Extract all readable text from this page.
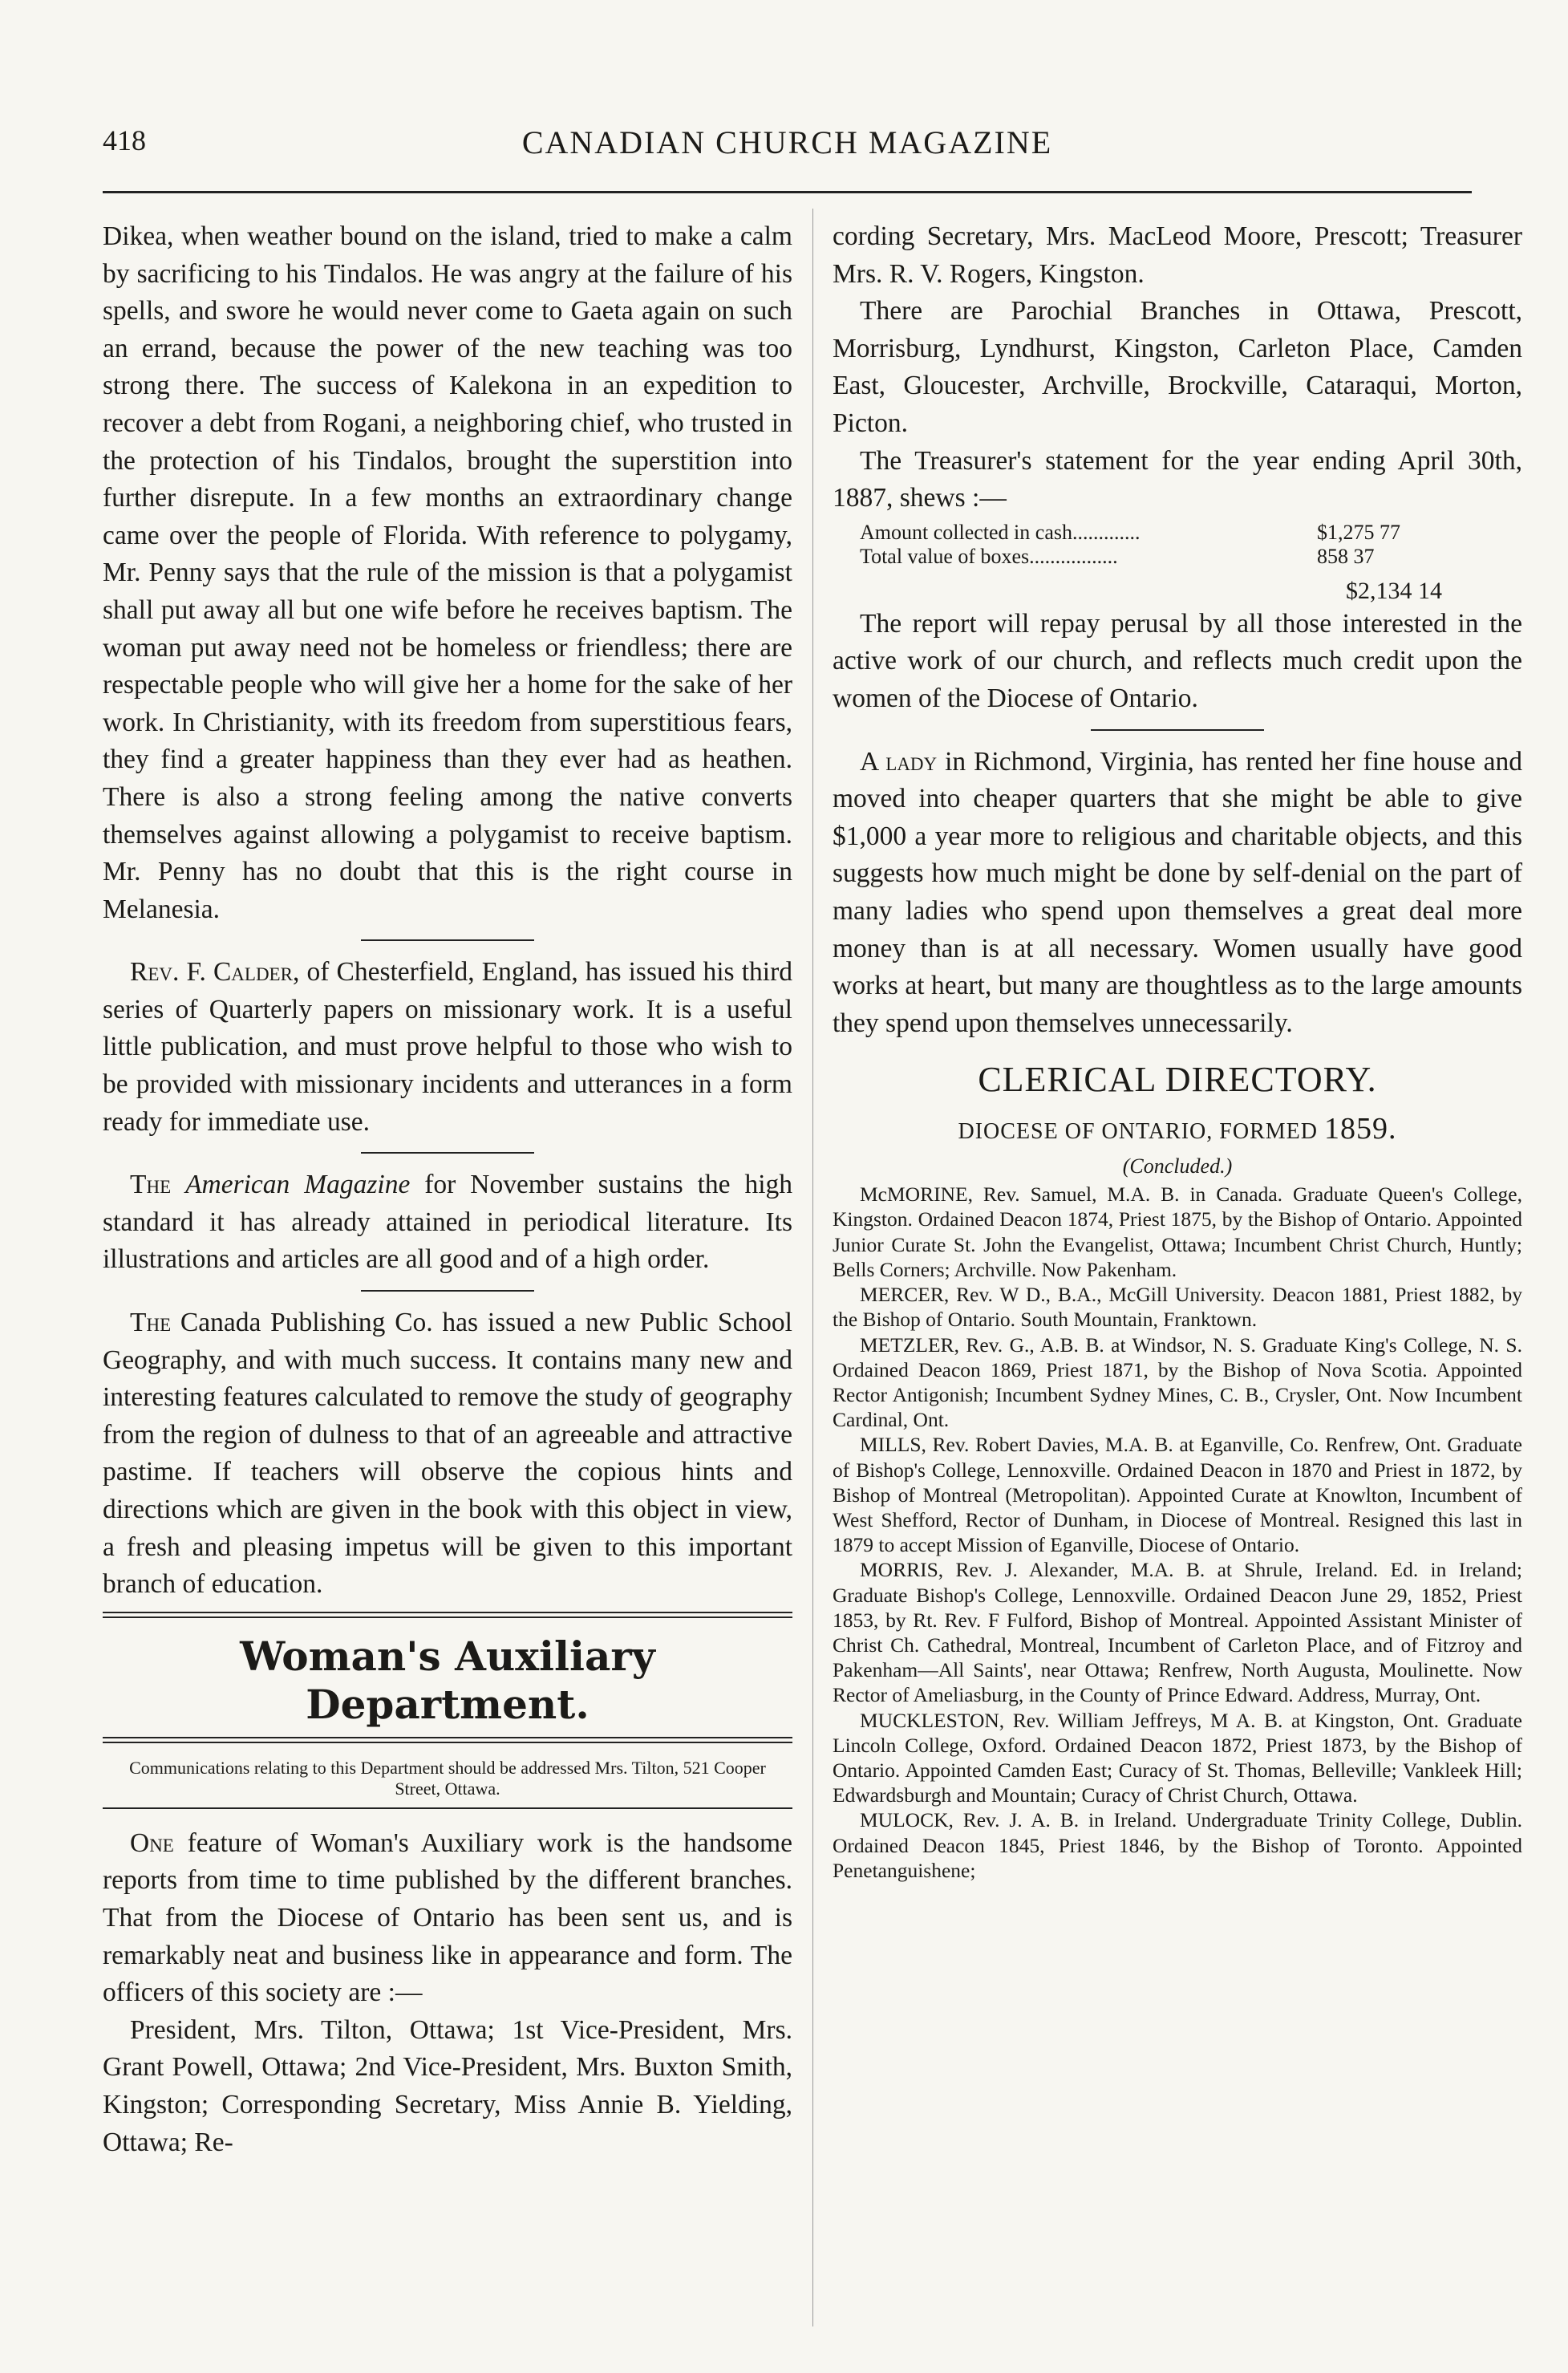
418	CANADIAN CHURCH MAGAZINE

Dikea, when weather bound on the island, tried to make a calm by sacrificing to his Tindalos. He was angry at the failure of his spells, and swore he would never come to Gaeta again on such an errand, because the power of the new teaching was too strong there. The success of Kalekona in an expedition to recover a debt from Rogani, a neighboring chief, who trusted in the protection of his Tindalos, brought the superstition into further disrepute. In a few months an extraordinary change came over the people of Florida. With reference to polygamy, Mr. Penny says that the rule of the mission is that a polygamist shall put away all but one wife before he receives baptism. The woman put away need not be homeless or friendless; there are respectable people who will give her a home for the sake of her work. In Christianity, with its freedom from superstitious fears, they find a greater happiness than they ever had as heathen. There is also a strong feeling among the native converts themselves against allowing a polygamist to receive baptism. Mr. Penny has no doubt that this is the right course in Melanesia.

Rev. F. Calder, of Chesterfield, England, has issued his third series of Quarterly papers on missionary work. It is a useful little publication, and must prove helpful to those who wish to be provided with missionary incidents and utterances in a form ready for immediate use.

The American Magazine for November sustains the high standard it has already attained in periodical literature. Its illustrations and articles are all good and of a high order.

The Canada Publishing Co. has issued a new Public School Geography, and with much success. It contains many new and interesting features calculated to remove the study of geography from the region of dulness to that of an agreeable and attractive pastime. If teachers will observe the copious hints and directions which are given in the book with this object in view, a fresh and pleasing impetus will be given to this important branch of education.

Woman's Auxiliary Department.
Communications relating to this Department should be addressed Mrs. Tilton, 521 Cooper Street, Ottawa.

One feature of Woman's Auxiliary work is the handsome reports from time to time published by the different branches. That from the Diocese of Ontario has been sent us, and is remarkably neat and business like in appearance and form. The officers of this society are :—

President, Mrs. Tilton, Ottawa; 1st Vice-President, Mrs. Grant Powell, Ottawa; 2nd Vice-President, Mrs. Buxton Smith, Kingston; Corresponding Secretary, Miss Annie B. Yielding, Ottawa; Re-

cording Secretary, Mrs. MacLeod Moore, Prescott; Treasurer Mrs. R. V. Rogers, Kingston.

There are Parochial Branches in Ottawa, Prescott, Morrisburg, Lyndhurst, Kingston, Carleton Place, Camden East, Gloucester, Archville, Brockville, Cataraqui, Morton, Picton.

The Treasurer's statement for the year ending April 30th, 1887, shews :—

Amount collected in cash.............	$1,275 77
Total value of boxes.................	858 37
$2,134 14

The report will repay perusal by all those interested in the active work of our church, and reflects much credit upon the women of the Diocese of Ontario.

A lady in Richmond, Virginia, has rented her fine house and moved into cheaper quarters that she might be able to give $1,000 a year more to religious and charitable objects, and this suggests how much might be done by self-denial on the part of many ladies who spend upon themselves a great deal more money than is at all necessary. Women usually have good works at heart, but many are thoughtless as to the large amounts they spend upon themselves unnecessarily.

CLERICAL DIRECTORY.
DIOCESE OF ONTARIO, FORMED 1859.
(Concluded.)

McMORINE, Rev. Samuel, M.A. B. in Canada. Graduate Queen's College, Kingston. Ordained Deacon 1874, Priest 1875, by the Bishop of Ontario. Appointed Junior Curate St. John the Evangelist, Ottawa; Incumbent Christ Church, Huntly; Bells Corners; Archville. Now Pakenham.

MERCER, Rev. W D., B.A., McGill University. Deacon 1881, Priest 1882, by the Bishop of Ontario. South Mountain, Franktown.

METZLER, Rev. G., A.B. B. at Windsor, N. S. Graduate King's College, N. S. Ordained Deacon 1869, Priest 1871, by the Bishop of Nova Scotia. Appointed Rector Antigonish; Incumbent Sydney Mines, C. B., Crysler, Ont. Now Incumbent Cardinal, Ont.

MILLS, Rev. Robert Davies, M.A. B. at Eganville, Co. Renfrew, Ont. Graduate of Bishop's College, Lennoxville. Ordained Deacon in 1870 and Priest in 1872, by Bishop of Montreal (Metropolitan). Appointed Curate at Knowlton, Incumbent of West Shefford, Rector of Dunham, in Diocese of Montreal. Resigned this last in 1879 to accept Mission of Eganville, Diocese of Ontario.

MORRIS, Rev. J. Alexander, M.A. B. at Shrule, Ireland. Ed. in Ireland; Graduate Bishop's College, Lennoxville. Ordained Deacon June 29, 1852, Priest 1853, by Rt. Rev. F Fulford, Bishop of Montreal. Appointed Assistant Minister of Christ Ch. Cathedral, Montreal, Incumbent of Carleton Place, and of Fitzroy and Pakenham—All Saints', near Ottawa; Renfrew, North Augusta, Moulinette. Now Rector of Ameliasburg, in the County of Prince Edward. Address, Murray, Ont.

MUCKLESTON, Rev. William Jeffreys, M A. B. at Kingston, Ont. Graduate Lincoln College, Oxford. Ordained Deacon 1872, Priest 1873, by the Bishop of Ontario. Appointed Camden East; Curacy of St. Thomas, Belleville; Vankleek Hill; Edwardsburgh and Mountain; Curacy of Christ Church, Ottawa.

MULOCK, Rev. J. A. B. in Ireland. Undergraduate Trinity College, Dublin. Ordained Deacon 1845, Priest 1846, by the Bishop of Toronto. Appointed Penetanguishene;
